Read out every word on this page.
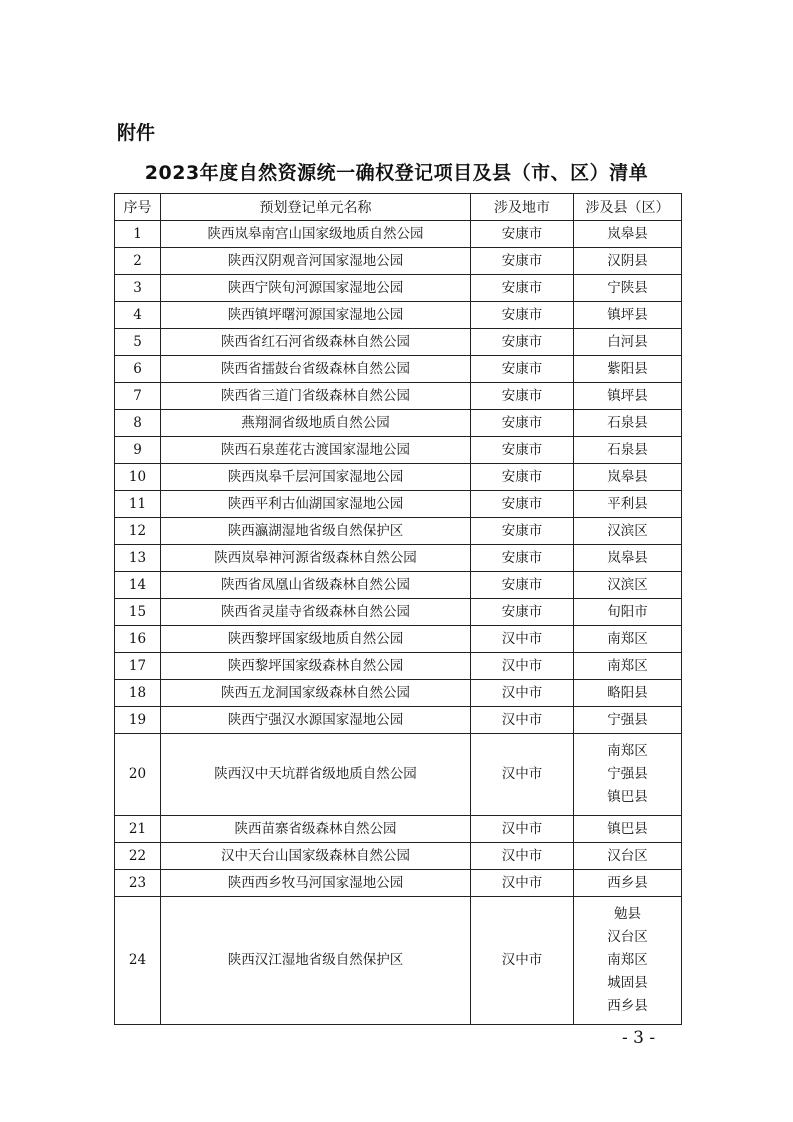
附件
2023年度自然资源统一确权登记项目及县（市、区）清单
序号	预划登记单元名称	涉及地市	涉及县（区）
1	陕西岚皋南宫山国家级地质自然公园	安康市	岚皋县

2	陕西汉阴观音河国家湿地公园	安康市	汉阴县

3	陕西宁陕旬河源国家湿地公园	安康市	宁陕县

4	陕西镇坪曙河源国家湿地公园	安康市	镇坪县

5	陕西省红石河省级森林自然公园	安康市	白河县

6	陕西省擂鼓台省级森林自然公园	安康市	紫阳县

7	陕西省三道门省级森林自然公园	安康市	镇坪县

8	燕翔洞省级地质自然公园	安康市	石泉县

9	陕西石泉莲花古渡国家湿地公园	安康市	石泉县

10	陕西岚皋千层河国家湿地公园	安康市	岚皋县

11	陕西平利古仙湖国家湿地公园	安康市	平利县

12	陕西瀛湖湿地省级自然保护区	安康市	汉滨区

13	陕西岚皋神河源省级森林自然公园	安康市	岚皋县

14	陕西省凤凰山省级森林自然公园	安康市	汉滨区

15	陕西省灵崖寺省级森林自然公园	安康市	旬阳市

16	陕西黎坪国家级地质自然公园	汉中市	南郑区

17	陕西黎坪国家级森林自然公园	汉中市	南郑区

18	陕西五龙洞国家级森林自然公园	汉中市	略阳县

19	陕西宁强汉水源国家湿地公园	汉中市	宁强县

20	陕西汉中天坑群省级地质自然公园	汉中市	南郑区
宁强县
镇巴县

21	陕西苗寨省级森林自然公园	汉中市	镇巴县

22	汉中天台山国家级森林自然公园	汉中市	汉台区

23	陕西西乡牧马河国家湿地公园	汉中市	西乡县

24	陕西汉江湿地省级自然保护区	汉中市	勉县
汉台区
南郑区
城固县
西乡县
- 3 -
